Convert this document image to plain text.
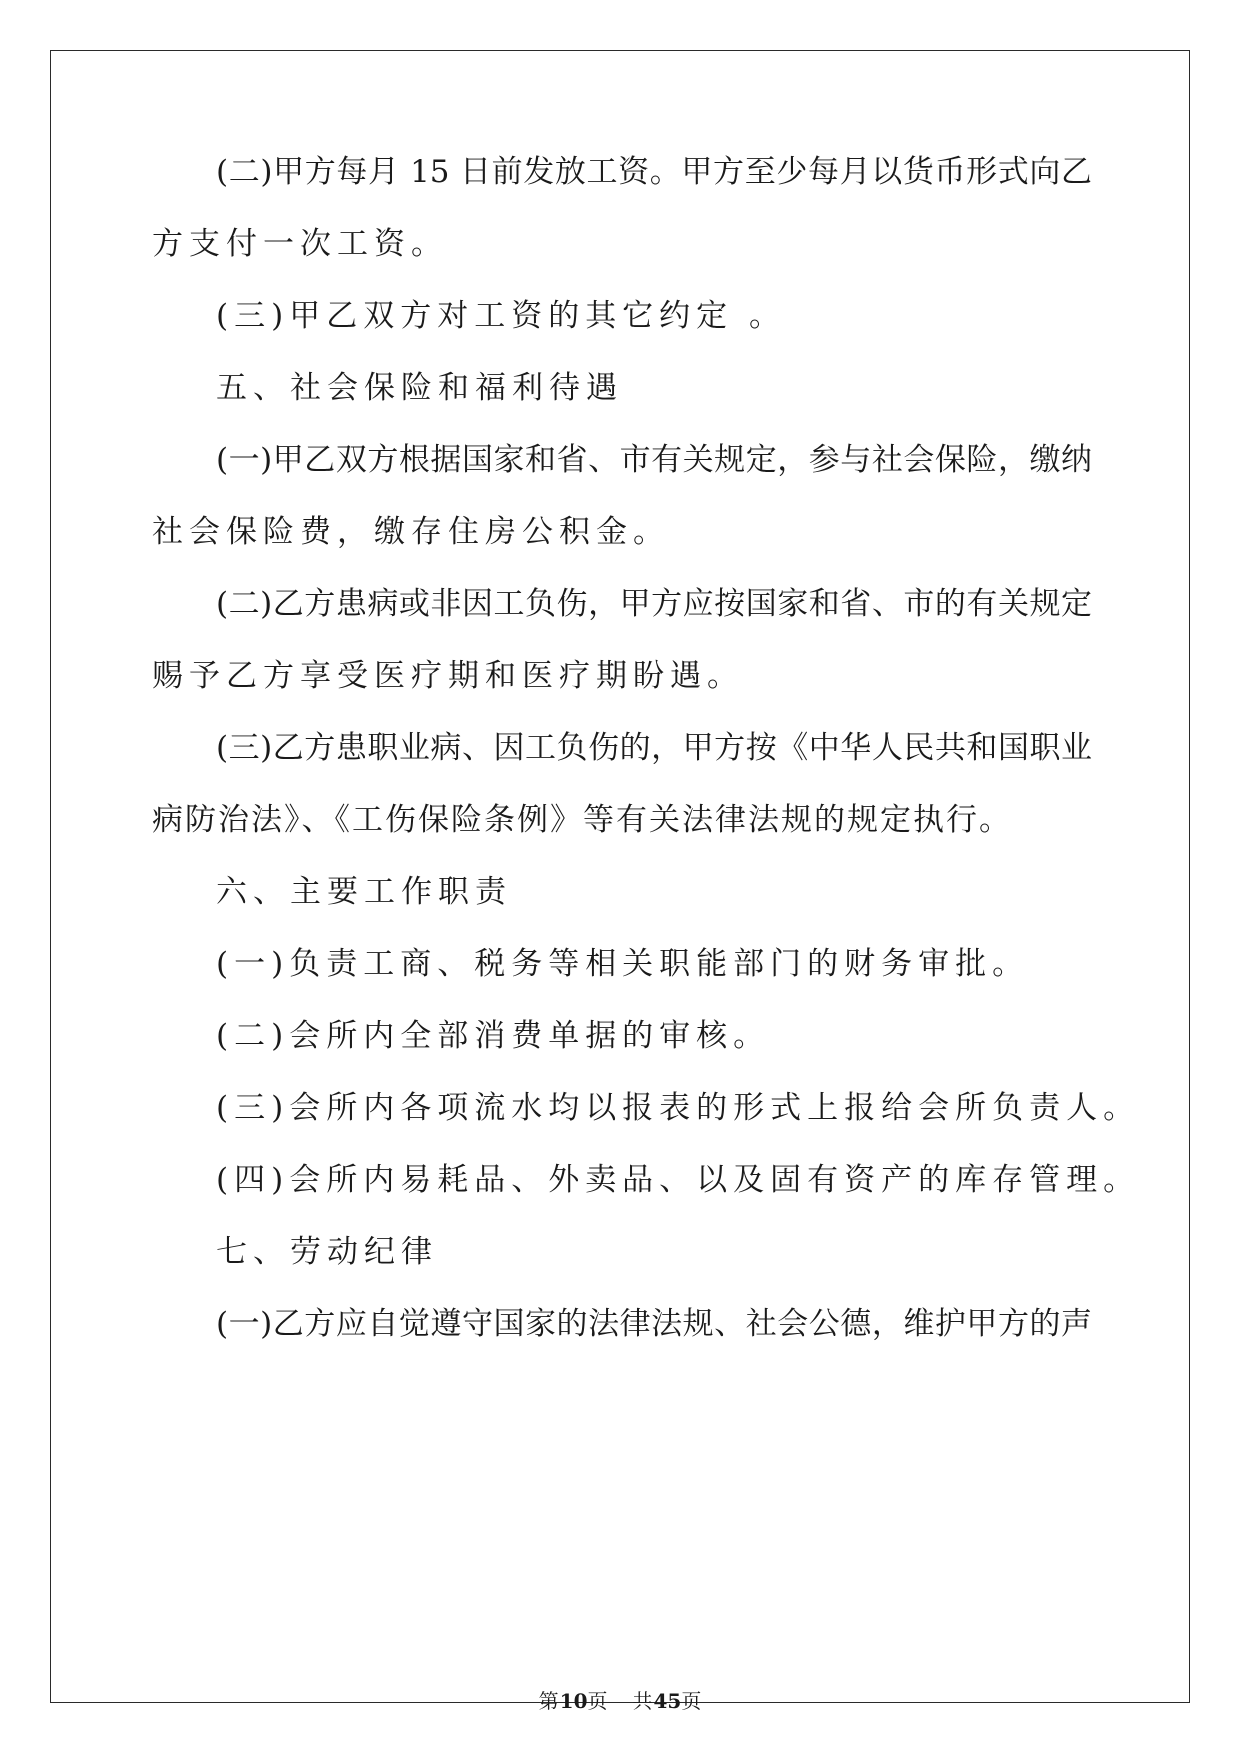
(二)甲方每月 15 日前发放工资。甲方至少每月以货币形式向乙
方支付一次工资。
(三)甲乙双方对工资的其它约定 。
五、社会保险和福利待遇
(一)甲乙双方根据国家和省、市有关规定，参与社会保险，缴纳
社会保险费，缴存住房公积金。
(二)乙方患病或非因工负伤，甲方应按国家和省、市的有关规定
赐予乙方享受医疗期和医疗期盼遇。
(三)乙方患职业病、因工负伤的，甲方按《中华人民共和国职业
病防治法》、《工伤保险条例》等有关法律法规的规定执行。
六、主要工作职责
(一)负责工商、税务等相关职能部门的财务审批。
(二)会所内全部消费单据的审核。
(三)会所内各项流水均以报表的形式上报给会所负责人。
(四)会所内易耗品、外卖品、以及固有资产的库存管理。
七、劳动纪律
(一)乙方应自觉遵守国家的法律法规、社会公德，维护甲方的声
第10页 共45页
